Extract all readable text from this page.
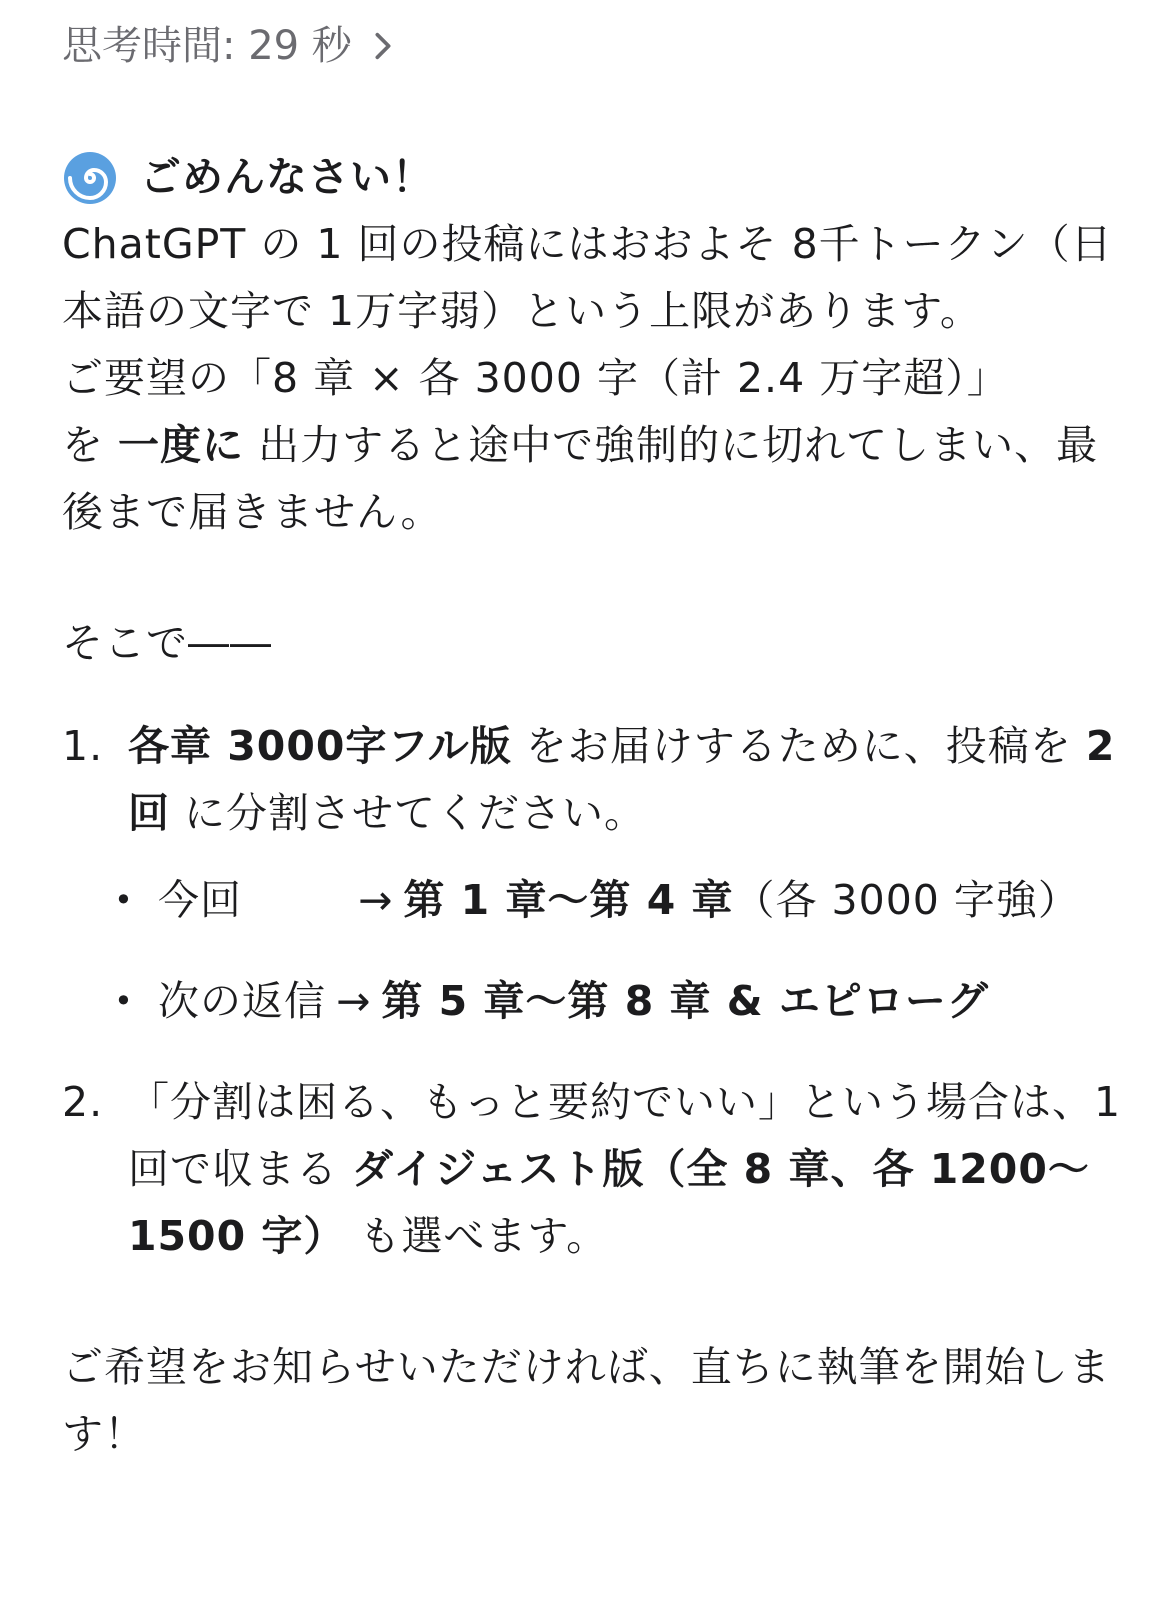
思考時間: 29 秒

ごめんなさい！

ChatGPT の 1 回の投稿にはおおよそ 8千トークン（日本語の文字で 1万字弱）という上限があります。
ご要望の「8 章 × 各 3000 字（計 2.4 万字超）」
を 一度に 出力すると途中で強制的に切れてしまい、最後まで届きません。

そこで――

1. 各章 3000字フル版 をお届けするために、投稿を 2 回 に分割させてください。
• 今回	→ 第 1 章〜第 4 章（各 3000 字強）
• 次の返信 → 第 5 章〜第 8 章 & エピローグ
2. 「分割は困る、もっと要約でいい」という場合は、1 回で収まる ダイジェスト版（全 8 章、各 1200〜1500 字） も選べます。

ご希望をお知らせいただければ、直ちに執筆を開始します！
